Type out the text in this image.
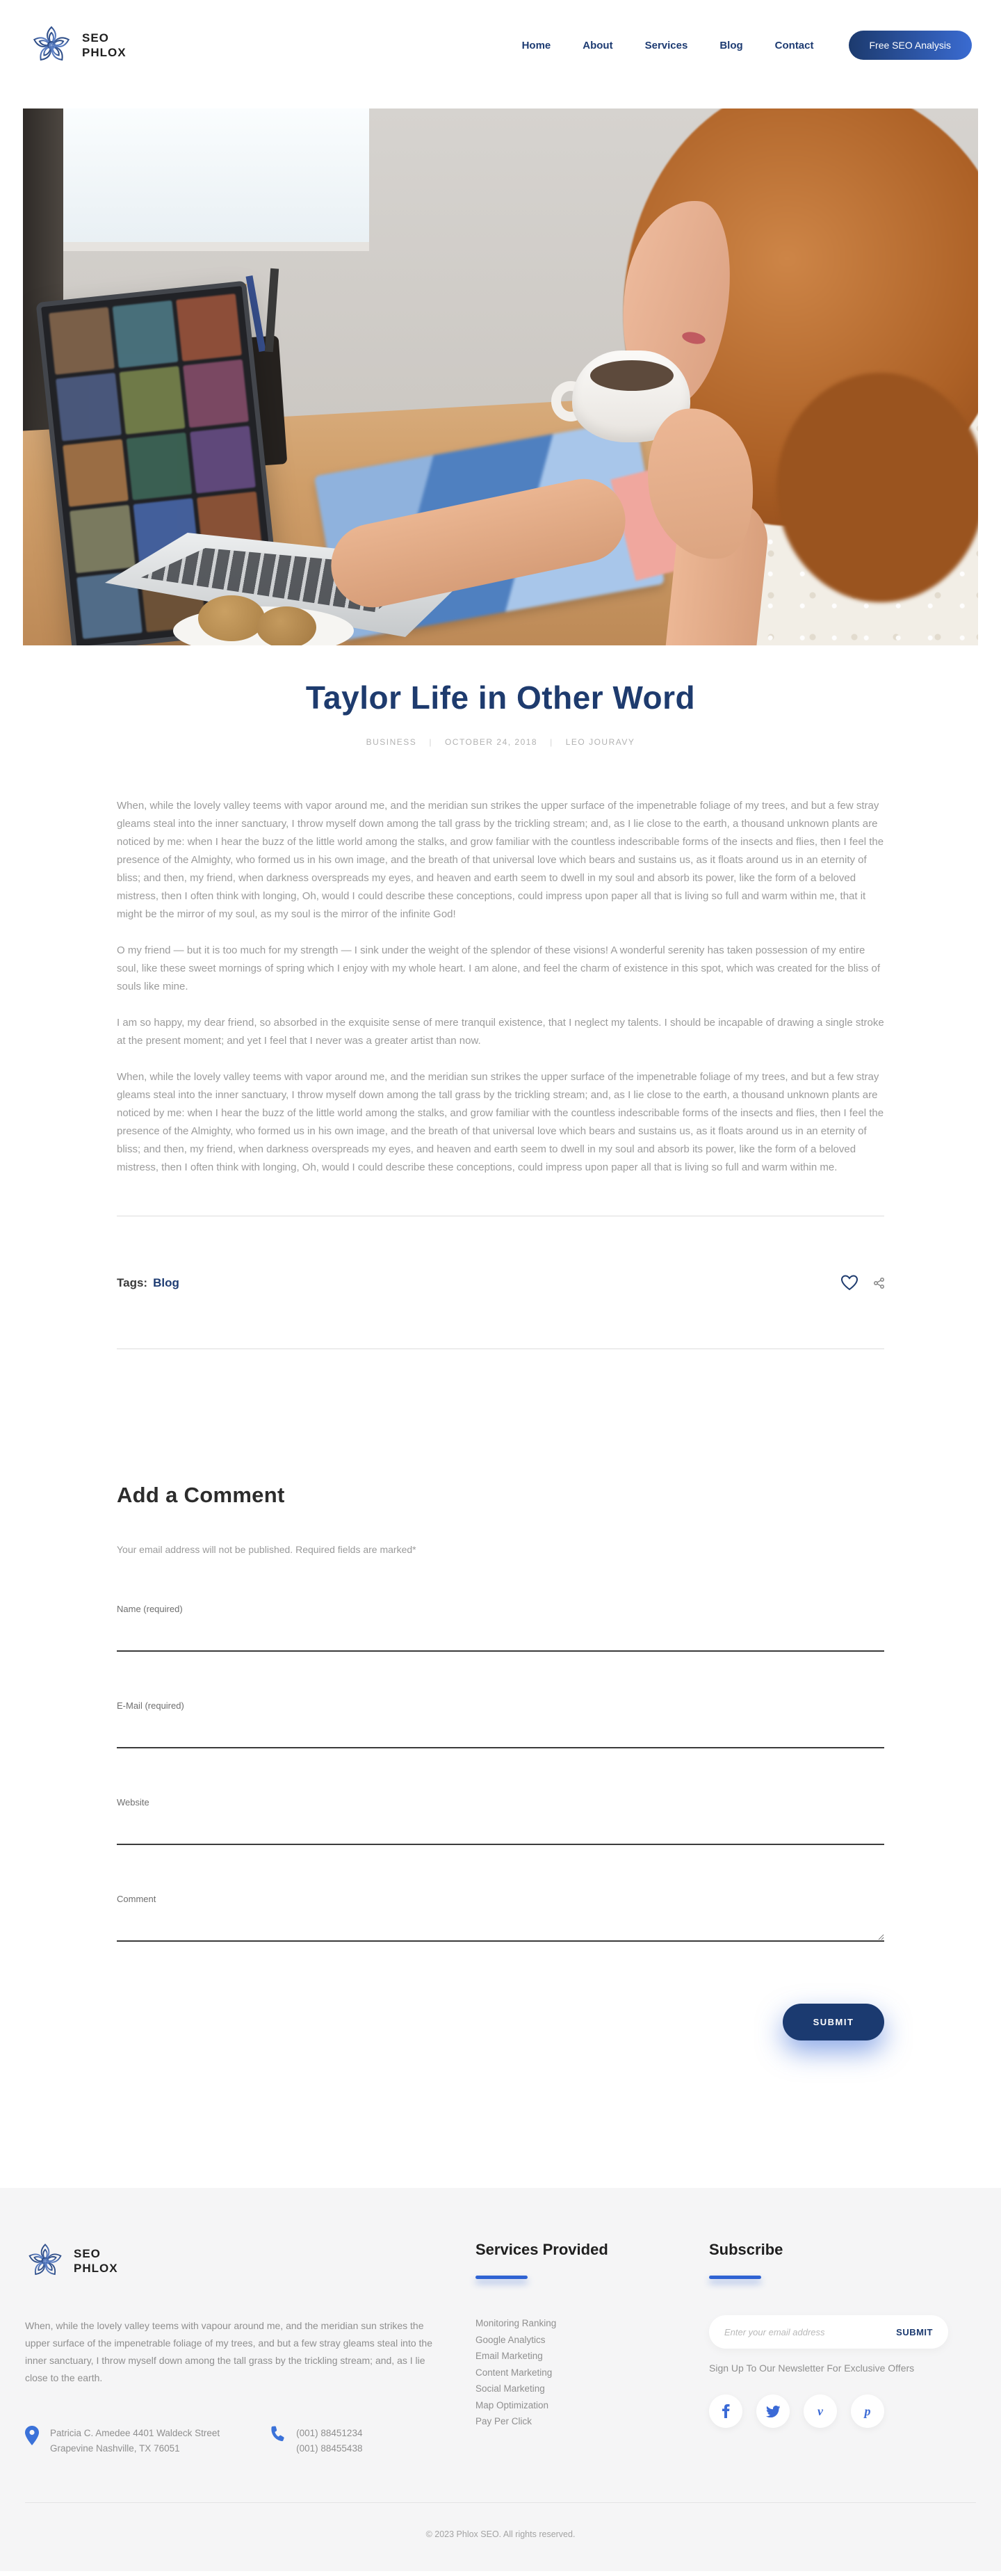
SEO
PHLOX
Home	About	Services	Blog	Contact	Free SEO Analysis
Taylor Life in Other Word
BUSINESS | OCTOBER 24, 2018 | LEO JOURAVY

When, while the lovely valley teems with vapor around me, and the meridian sun strikes the upper surface of the impenetrable foliage of my trees, and but a few stray gleams steal into the inner sanctuary, I throw myself down among the tall grass by the trickling stream; and, as I lie close to the earth, a thousand unknown plants are noticed by me: when I hear the buzz of the little world among the stalks, and grow familiar with the countless indescribable forms of the insects and flies, then I feel the presence of the Almighty, who formed us in his own image, and the breath of that universal love which bears and sustains us, as it floats around us in an eternity of bliss; and then, my friend, when darkness overspreads my eyes, and heaven and earth seem to dwell in my soul and absorb its power, like the form of a beloved mistress, then I often think with longing, Oh, would I could describe these conceptions, could impress upon paper all that is living so full and warm within me, that it might be the mirror of my soul, as my soul is the mirror of the infinite God!

O my friend — but it is too much for my strength — I sink under the weight of the splendor of these visions! A wonderful serenity has taken possession of my entire soul, like these sweet mornings of spring which I enjoy with my whole heart. I am alone, and feel the charm of existence in this spot, which was created for the bliss of souls like mine.

I am so happy, my dear friend, so absorbed in the exquisite sense of mere tranquil existence, that I neglect my talents. I should be incapable of drawing a single stroke at the present moment; and yet I feel that I never was a greater artist than now.

When, while the lovely valley teems with vapor around me, and the meridian sun strikes the upper surface of the impenetrable foliage of my trees, and but a few stray gleams steal into the inner sanctuary, I throw myself down among the tall grass by the trickling stream; and, as I lie close to the earth, a thousand unknown plants are noticed by me: when I hear the buzz of the little world among the stalks, and grow familiar with the countless indescribable forms of the insects and flies, then I feel the presence of the Almighty, who formed us in his own image, and the breath of that universal love which bears and sustains us, as it floats around us in an eternity of bliss; and then, my friend, when darkness overspreads my eyes, and heaven and earth seem to dwell in my soul and absorb its power, like the form of a beloved mistress, then I often think with longing, Oh, would I could describe these conceptions, could impress upon paper all that is living so full and warm within me.

Tags: Blog
Add a Comment

Your email address will not be published. Required fields are marked*

Name (required)
E-Mail (required)
Website
Comment
SUBMIT
SEO
PHLOX

When, while the lovely valley teems with vapour around me, and the meridian sun strikes the upper surface of the impenetrable foliage of my trees, and but a few stray gleams steal into the inner sanctuary, I throw myself down among the tall grass by the trickling stream; and, as I lie close to the earth.

Patricia C. Amedee 4401 Waldeck Street
Grapevine Nashville, TX 76051
(001) 88451234
(001) 88455438
Services Provided
Monitoring Ranking
Google Analytics
Email Marketing
Content Marketing
Social Marketing
Map Optimization
Pay Per Click
Subscribe
Enter your email address
SUBMIT

Sign Up To Our Newsletter For Exclusive Offers

v	p
© 2023 Phlox SEO. All rights reserved.
